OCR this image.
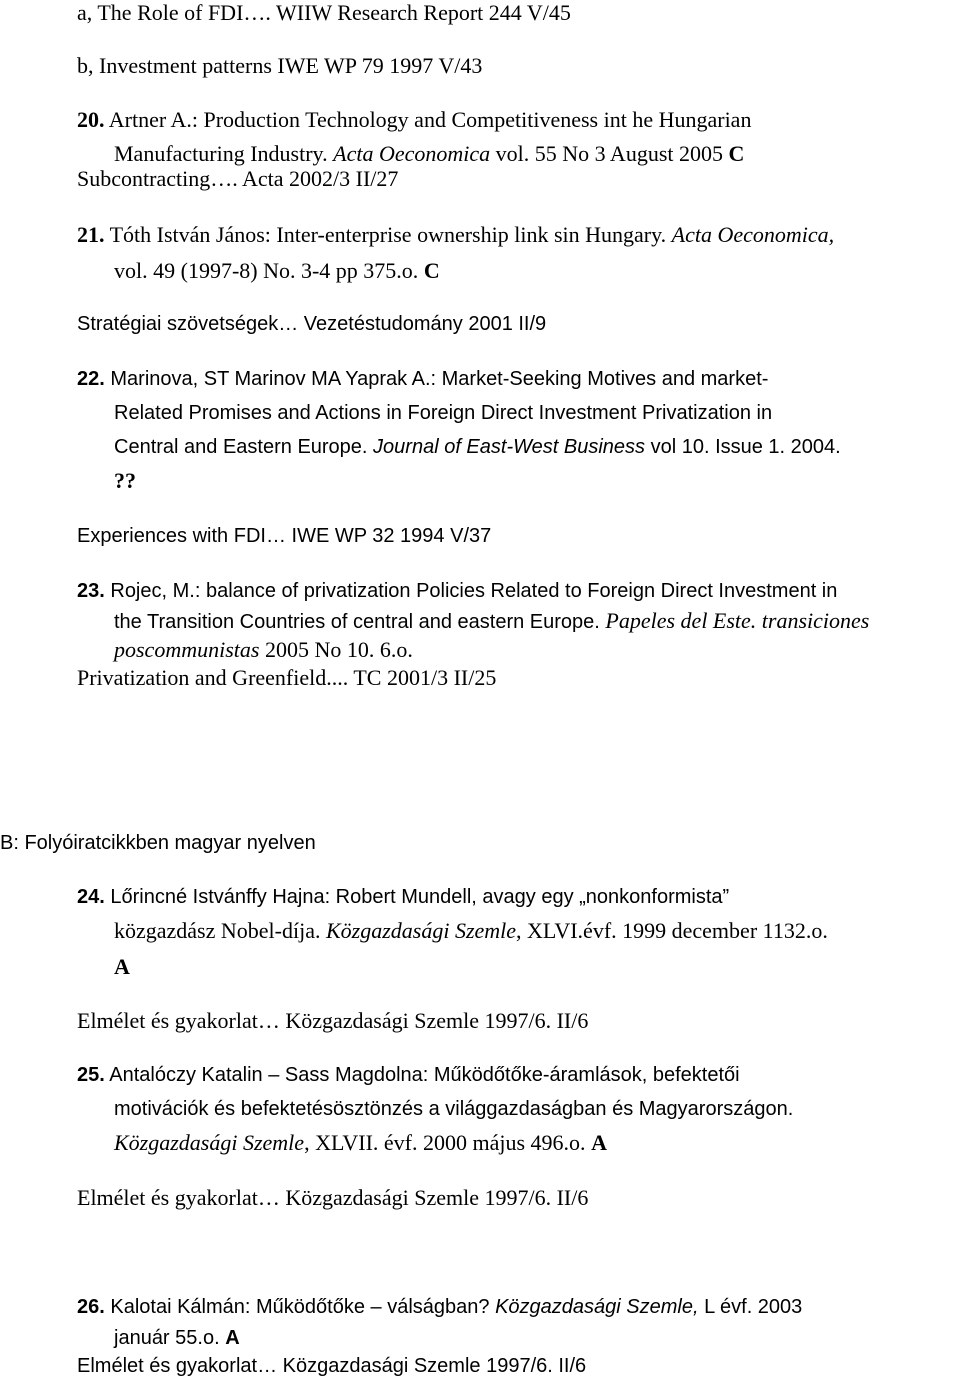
a, The Role of FDI…. WIIW Research Report 244 V/45
b, Investment patterns IWE WP 79 1997 V/43
20. Artner A.: Production Technology and Competitiveness int he Hungarian
Manufacturing Industry. Acta Oeconomica vol. 55 No 3 August 2005 C
Subcontracting…. Acta 2002/3 II/27
21. Tóth István János: Inter-enterprise ownership link sin Hungary. Acta Oeconomica,
vol. 49 (1997-8) No. 3-4 pp 375.o. C
Stratégiai szövetségek… Vezetéstudomány 2001 II/9
22. Marinova, ST Marinov MA Yaprak A.: Market-Seeking Motives and market-
Related Promises and Actions in Foreign Direct Investment Privatization in
Central and Eastern Europe. Journal of East-West Business vol 10. Issue 1. 2004.
??
Experiences with FDI… IWE WP 32 1994 V/37
23. Rojec, M.: balance of privatization Policies Related to Foreign Direct Investment in
the Transition Countries of central and eastern Europe. Papeles del Este. transiciones
poscommunistas 2005 No 10. 6.o.
Privatization and Greenfield.... TC 2001/3 II/25
B: Folyóiratcikkben magyar nyelven
24. Lőrincné Istvánffy Hajna: Robert Mundell, avagy egy „nonkonformista”
közgazdász Nobel-díja. Közgazdasági Szemle, XLVI.évf. 1999 december 1132.o.
A
Elmélet és gyakorlat… Közgazdasági Szemle 1997/6. II/6
25. Antalóczy Katalin – Sass Magdolna: Működőtőke-áramlások, befektetői
motivációk és befektetésösztönzés a világgazdaságban és Magyarországon.
Közgazdasági Szemle, XLVII. évf. 2000 május 496.o. A
Elmélet és gyakorlat… Közgazdasági Szemle 1997/6. II/6
26. Kalotai Kálmán: Működőtőke – válságban? Közgazdasági Szemle, L évf. 2003
január 55.o. A
Elmélet és gyakorlat… Közgazdasági Szemle 1997/6. II/6
